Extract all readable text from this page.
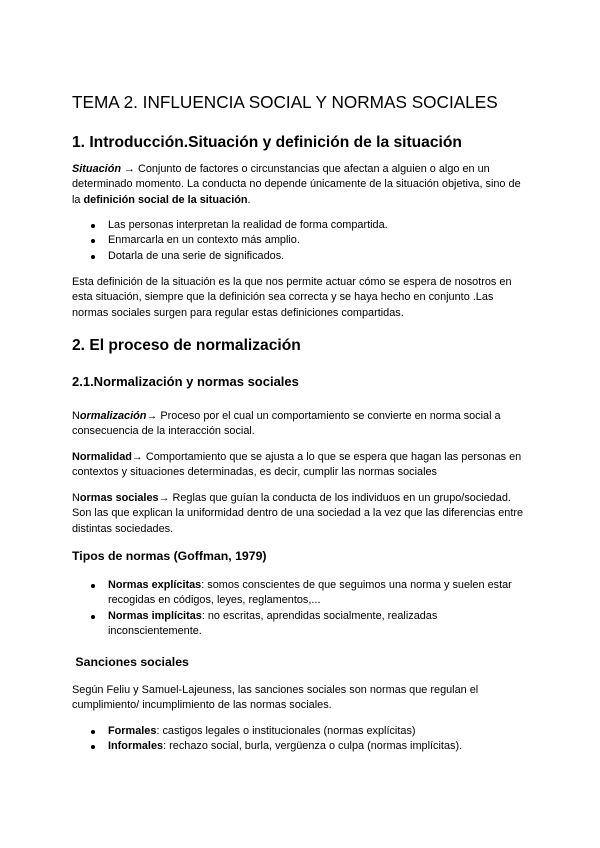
TEMA 2. INFLUENCIA SOCIAL Y NORMAS SOCIALES
1. Introducción.Situación y definición de la situación

Situación → Conjunto de factores o circunstancias que afectan a alguien o algo en un determinado momento. La conducta no depende únicamente de la situación objetiva, sino de la definición social de la situación.

Las personas interpretan la realidad de forma compartida.
Enmarcarla en un contexto más amplio.
Dotarla de una serie de significados.

Esta definición de la situación es la que nos permite actuar cómo se espera de nosotros en esta situación, siempre que la definición sea correcta y se haya hecho en conjunto .Las normas sociales surgen para regular estas definiciones compartidas.

2. El proceso de normalización
2.1.Normalización y normas sociales

Normalización→ Proceso por el cual un comportamiento se convierte en norma social a consecuencia de la interacción social.

Normalidad→ Comportamiento que se ajusta a lo que se espera que hagan las personas en contextos y situaciones determinadas, es decir, cumplir las normas sociales

Normas sociales→ Reglas que guían la conducta de los individuos en un grupo/sociedad. Son las que explican la uniformidad dentro de una sociedad a la vez que las diferencias entre distintas sociedades.

Tipos de normas (Goffman, 1979)
Normas explícitas: somos conscientes de que seguimos una norma y suelen estar recogidas en códigos, leyes, reglamentos,...
Normas implícitas: no escritas, aprendidas socialmente, realizadas inconscientemente.
Sanciones sociales

Según Feliu y Samuel-Lajeuness, las sanciones sociales son normas que regulan el cumplimiento/ incumplimiento de las normas sociales.

Formales: castigos legales o institucionales (normas explícitas)
Informales: rechazo social, burla, vergüenza o culpa (normas implícitas).
